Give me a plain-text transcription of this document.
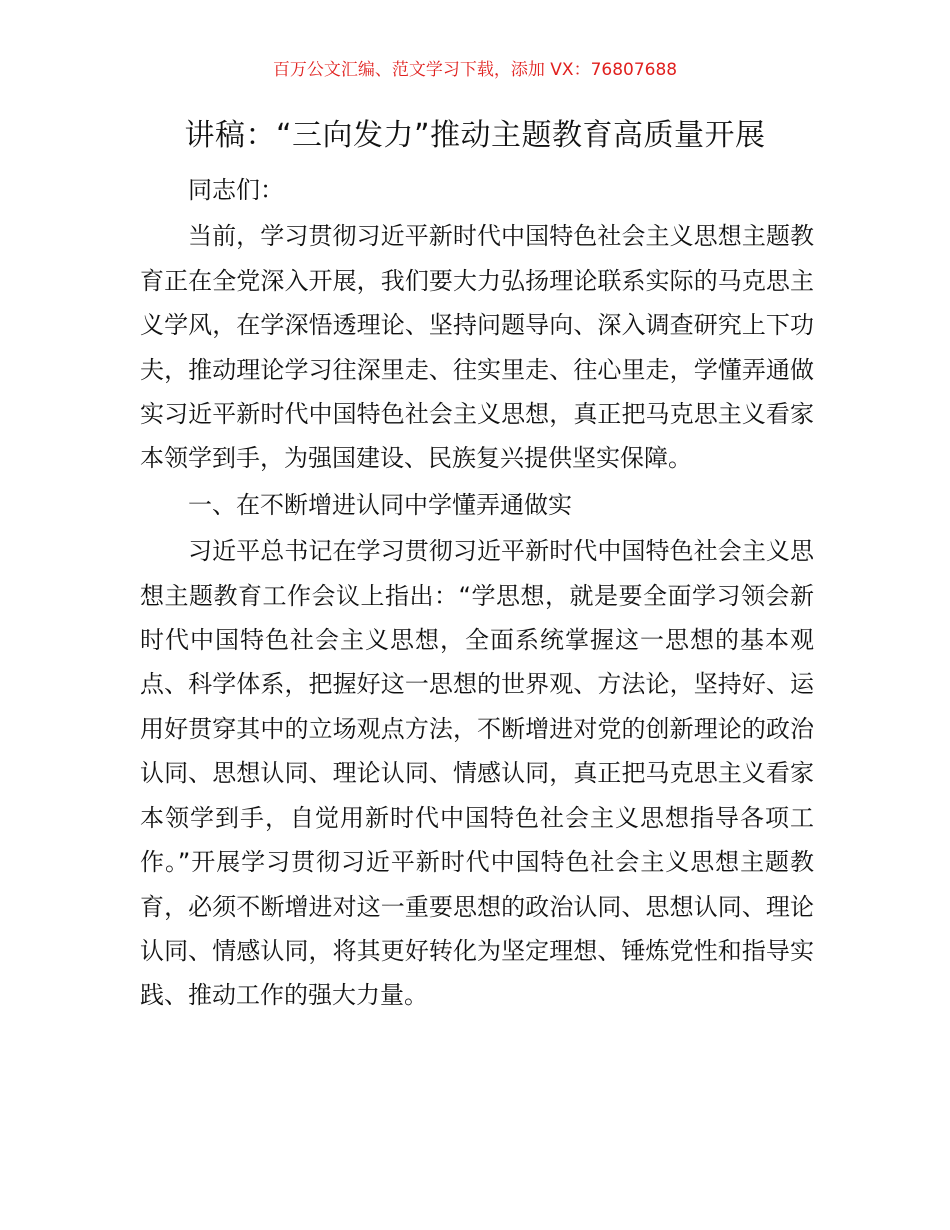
百万公文汇编、范文学习下载，添加 VX：76807688
讲稿：“三向发力”推动主题教育高质量开展

同志们：

当前，学习贯彻习近平新时代中国特色社会主义思想主题教育正在全党深入开展，我们要大力弘扬理论联系实际的马克思主义学风，在学深悟透理论、坚持问题导向、深入调查研究上下功夫，推动理论学习往深里走、往实里走、往心里走，学懂弄通做实习近平新时代中国特色社会主义思想，真正把马克思主义看家本领学到手，为强国建设、民族复兴提供坚实保障。

一、在不断增进认同中学懂弄通做实

习近平总书记在学习贯彻习近平新时代中国特色社会主义思想主题教育工作会议上指出：“学思想，就是要全面学习领会新时代中国特色社会主义思想，全面系统掌握这一思想的基本观点、科学体系，把握好这一思想的世界观、方法论，坚持好、运用好贯穿其中的立场观点方法，不断增进对党的创新理论的政治认同、思想认同、理论认同、情感认同，真正把马克思主义看家本领学到手，自觉用新时代中国特色社会主义思想指导各项工作。”开展学习贯彻习近平新时代中国特色社会主义思想主题教育，必须不断增进对这一重要思想的政治认同、思想认同、理论认同、情感认同，将其更好转化为坚定理想、锤炼党性和指导实践、推动工作的强大力量。
